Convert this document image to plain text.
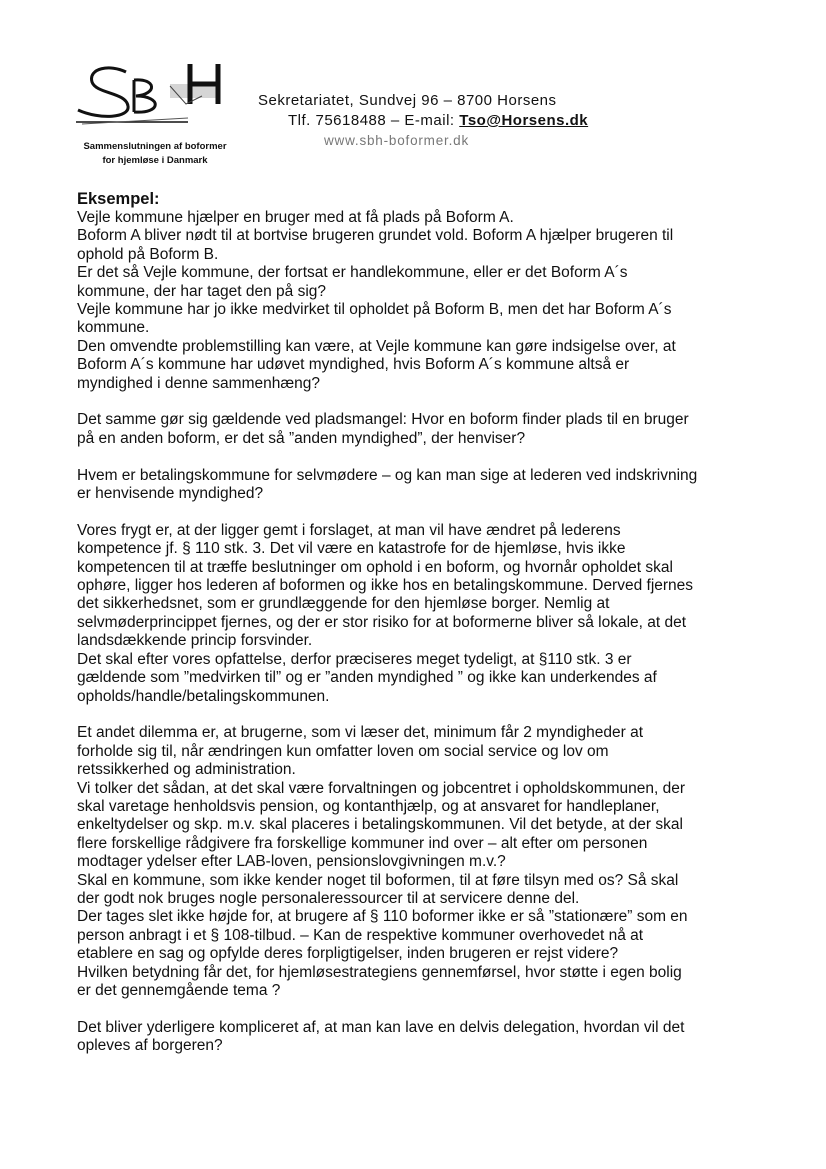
Sammenslutningen af boformer
for hjemløse i Danmark
Sekretariatet, Sundvej 96 – 8700 Horsens
Tlf. 75618488 – E-mail: Tso@Horsens.dk
www.sbh-boformer.dk
Eksempel:

Vejle kommune hjælper en bruger med at få plads på Boform A.
Boform A bliver nødt til at bortvise brugeren grundet vold. Boform A hjælper brugeren til
ophold på Boform B.
Er det så Vejle kommune, der fortsat er handlekommune, eller er det Boform A´s
kommune, der har taget den på sig?
Vejle kommune har jo ikke medvirket til opholdet på Boform B, men det har Boform A´s
kommune.
Den omvendte problemstilling kan være, at Vejle kommune kan gøre indsigelse over, at
Boform A´s kommune har udøvet myndighed, hvis Boform A´s kommune altså er
myndighed i denne sammenhæng?

Det samme gør sig gældende ved pladsmangel: Hvor en boform finder plads til en bruger
på en anden boform, er det så ”anden myndighed”, der henviser?

Hvem er betalingskommune for selvmødere – og kan man sige at lederen ved indskrivning
er henvisende myndighed?

Vores frygt er, at der ligger gemt i forslaget, at man vil have ændret på lederens
kompetence jf. § 110 stk. 3. Det vil være en katastrofe for de hjemløse, hvis ikke
kompetencen til at træffe beslutninger om ophold i en boform, og hvornår opholdet skal
ophøre, ligger hos lederen af boformen og ikke hos en betalingskommune. Derved fjernes
det sikkerhedsnet, som er grundlæggende for den hjemløse borger. Nemlig at
selvmøderprincippet fjernes, og der er stor risiko for at boformerne bliver så lokale, at det
landsdækkende princip forsvinder.
Det skal efter vores opfattelse, derfor præciseres meget tydeligt, at §110 stk. 3 er
gældende som ”medvirken til” og er ”anden myndighed ” og ikke kan underkendes af
opholds/handle/betalingskommunen.

Et andet dilemma er, at brugerne, som vi læser det, minimum får 2 myndigheder at
forholde sig til, når ændringen kun omfatter loven om social service og lov om
retssikkerhed og administration.
Vi tolker det sådan, at det skal være forvaltningen og jobcentret i opholdskommunen, der
skal varetage henholdsvis pension, og kontanthjælp, og at ansvaret for handleplaner,
enkeltydelser og skp. m.v. skal placeres i betalingskommunen. Vil det betyde, at der skal
flere forskellige rådgivere fra forskellige kommuner ind over – alt efter om personen
modtager ydelser efter LAB-loven, pensionslovgivningen m.v.?
Skal en kommune, som ikke kender noget til boformen, til at føre tilsyn med os? Så skal
der godt nok bruges nogle personaleressourcer til at servicere denne del.
Der tages slet ikke højde for, at brugere af § 110 boformer ikke er så ”stationære” som en
person anbragt i et § 108-tilbud. – Kan de respektive kommuner overhovedet nå at
etablere en sag og opfylde deres forpligtigelser, inden brugeren er rejst videre?
Hvilken betydning får det, for hjemløsestrategiens gennemførsel, hvor støtte i egen bolig
er det gennemgående tema ?

Det bliver yderligere kompliceret af, at man kan lave en delvis delegation, hvordan vil det
opleves af borgeren?
